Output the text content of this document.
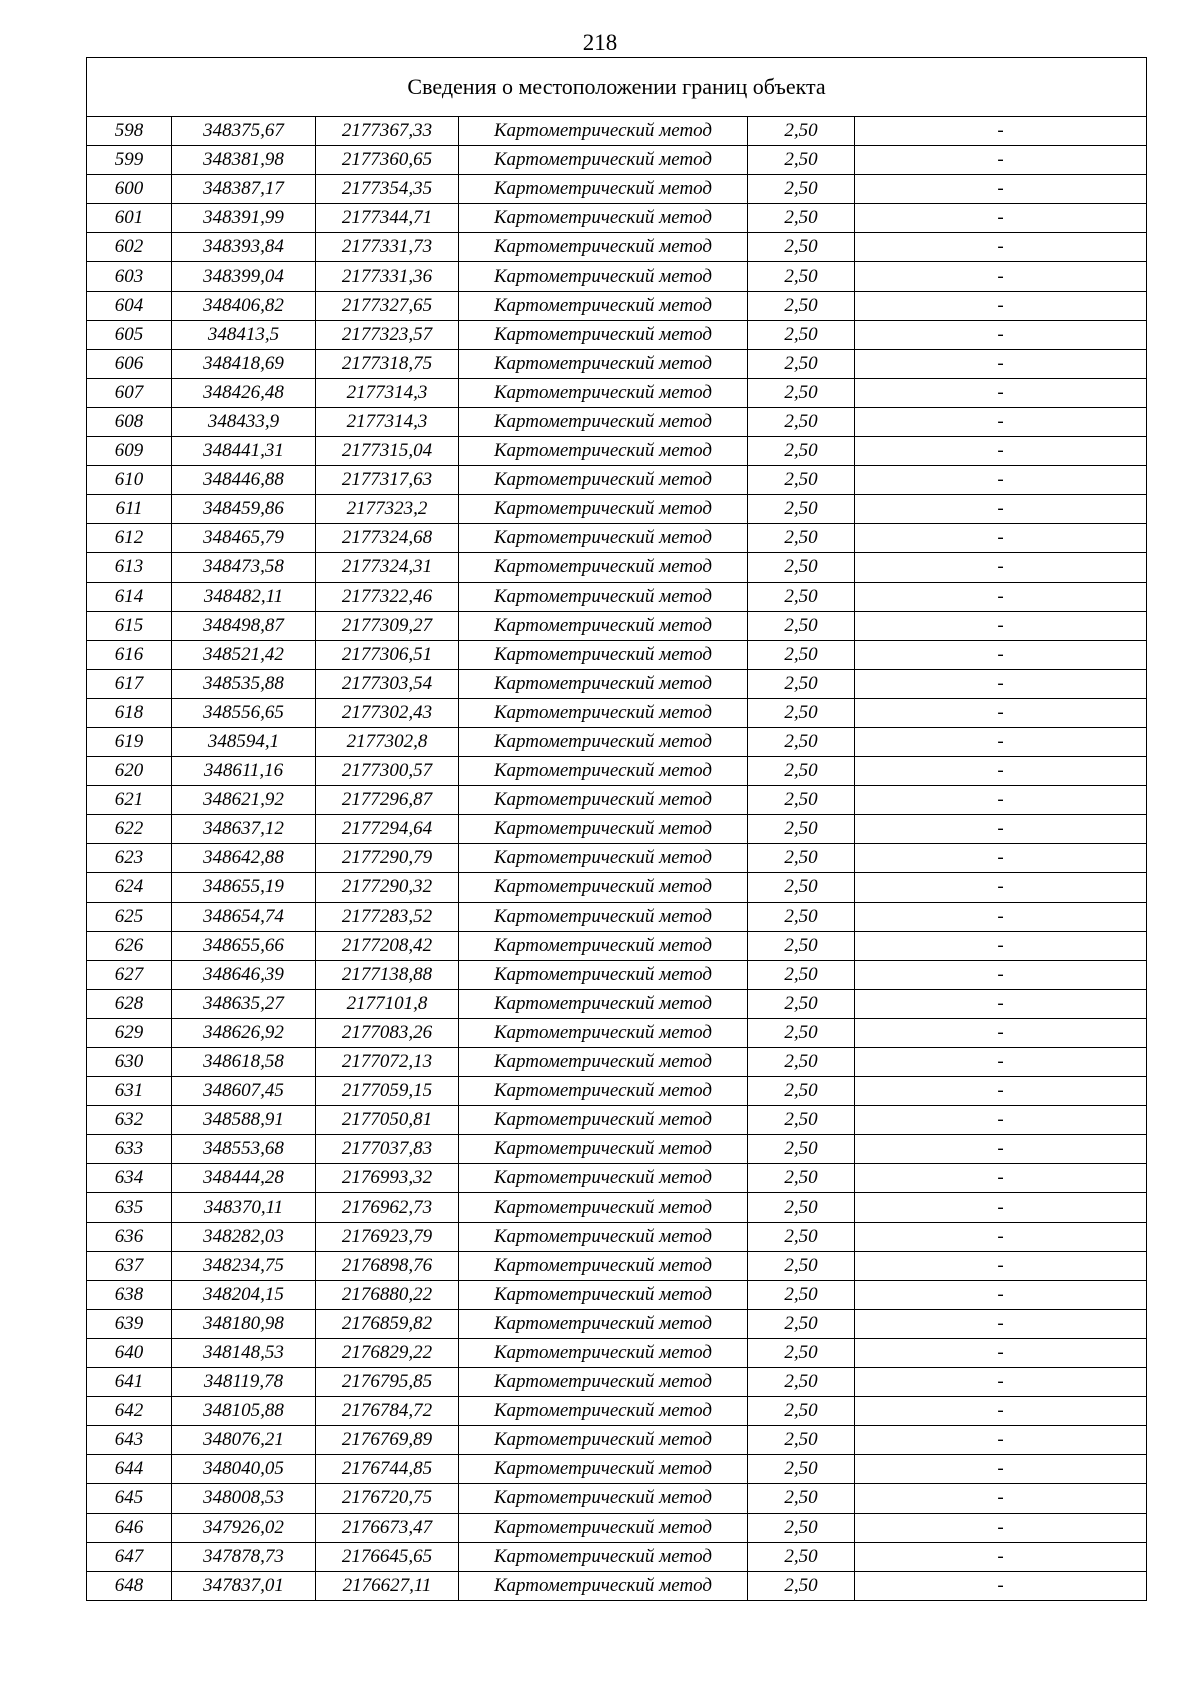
218
Сведения о местоположении границ объекта					
598	348375,67	2177367,33	Картометрический метод	2,50	-
599	348381,98	2177360,65	Картометрический метод	2,50	-
600	348387,17	2177354,35	Картометрический метод	2,50	-
601	348391,99	2177344,71	Картометрический метод	2,50	-
602	348393,84	2177331,73	Картометрический метод	2,50	-
603	348399,04	2177331,36	Картометрический метод	2,50	-
604	348406,82	2177327,65	Картометрический метод	2,50	-
605	348413,5	2177323,57	Картометрический метод	2,50	-
606	348418,69	2177318,75	Картометрический метод	2,50	-
607	348426,48	2177314,3	Картометрический метод	2,50	-
608	348433,9	2177314,3	Картометрический метод	2,50	-
609	348441,31	2177315,04	Картометрический метод	2,50	-
610	348446,88	2177317,63	Картометрический метод	2,50	-
611	348459,86	2177323,2	Картометрический метод	2,50	-
612	348465,79	2177324,68	Картометрический метод	2,50	-
613	348473,58	2177324,31	Картометрический метод	2,50	-
614	348482,11	2177322,46	Картометрический метод	2,50	-
615	348498,87	2177309,27	Картометрический метод	2,50	-
616	348521,42	2177306,51	Картометрический метод	2,50	-
617	348535,88	2177303,54	Картометрический метод	2,50	-
618	348556,65	2177302,43	Картометрический метод	2,50	-
619	348594,1	2177302,8	Картометрический метод	2,50	-
620	348611,16	2177300,57	Картометрический метод	2,50	-
621	348621,92	2177296,87	Картометрический метод	2,50	-
622	348637,12	2177294,64	Картометрический метод	2,50	-
623	348642,88	2177290,79	Картометрический метод	2,50	-
624	348655,19	2177290,32	Картометрический метод	2,50	-
625	348654,74	2177283,52	Картометрический метод	2,50	-
626	348655,66	2177208,42	Картометрический метод	2,50	-
627	348646,39	2177138,88	Картометрический метод	2,50	-
628	348635,27	2177101,8	Картометрический метод	2,50	-
629	348626,92	2177083,26	Картометрический метод	2,50	-
630	348618,58	2177072,13	Картометрический метод	2,50	-
631	348607,45	2177059,15	Картометрический метод	2,50	-
632	348588,91	2177050,81	Картометрический метод	2,50	-
633	348553,68	2177037,83	Картометрический метод	2,50	-
634	348444,28	2176993,32	Картометрический метод	2,50	-
635	348370,11	2176962,73	Картометрический метод	2,50	-
636	348282,03	2176923,79	Картометрический метод	2,50	-
637	348234,75	2176898,76	Картометрический метод	2,50	-
638	348204,15	2176880,22	Картометрический метод	2,50	-
639	348180,98	2176859,82	Картометрический метод	2,50	-
640	348148,53	2176829,22	Картометрический метод	2,50	-
641	348119,78	2176795,85	Картометрический метод	2,50	-
642	348105,88	2176784,72	Картометрический метод	2,50	-
643	348076,21	2176769,89	Картометрический метод	2,50	-
644	348040,05	2176744,85	Картометрический метод	2,50	-
645	348008,53	2176720,75	Картометрический метод	2,50	-
646	347926,02	2176673,47	Картометрический метод	2,50	-
647	347878,73	2176645,65	Картометрический метод	2,50	-
648	347837,01	2176627,11	Картометрический метод	2,50	-
